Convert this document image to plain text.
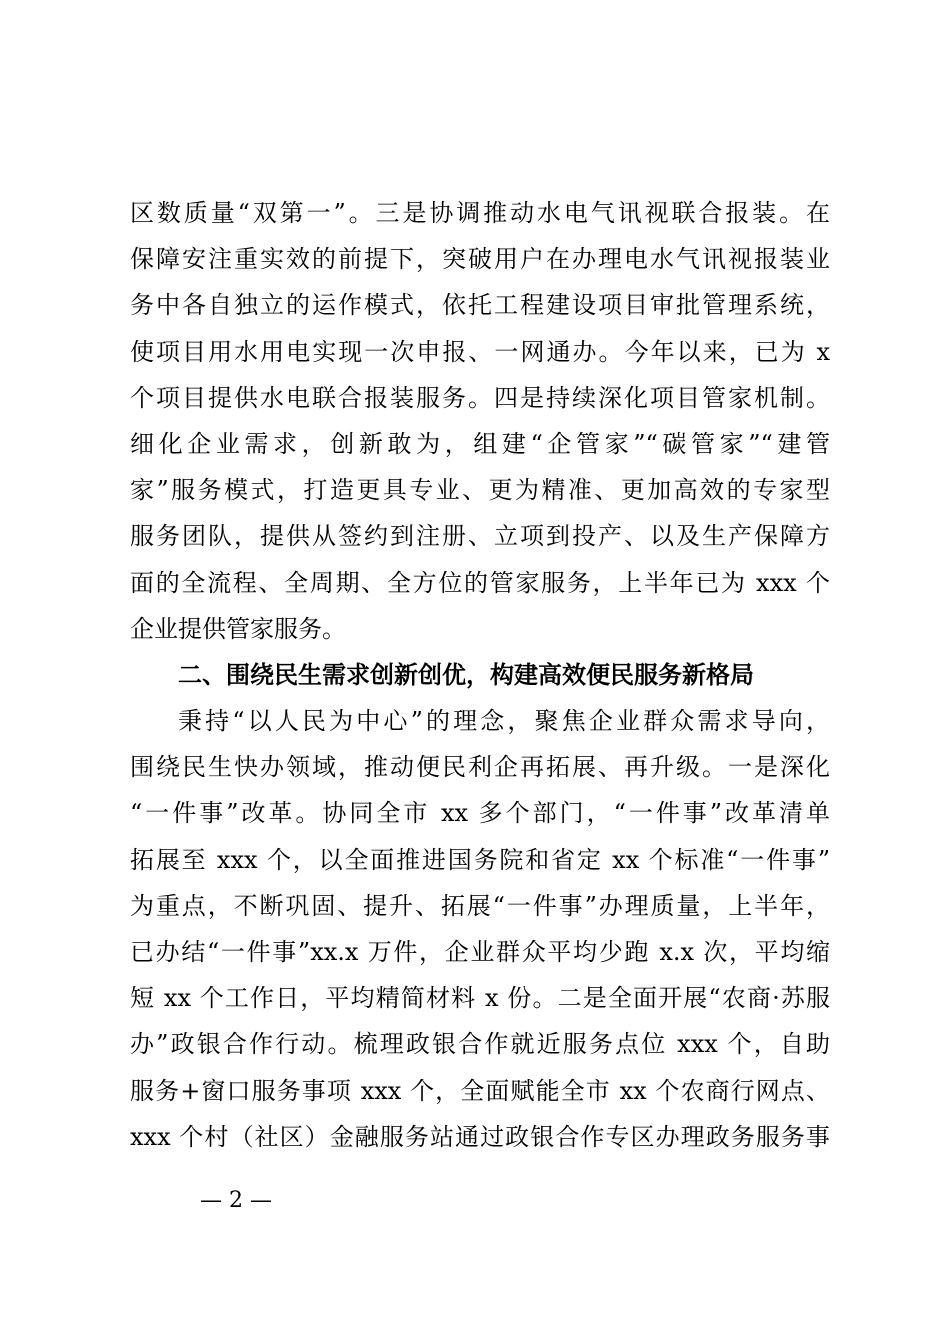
区数质量“双第一”。三是协调推动水电气讯视联合报装。在
保障安注重实效的前提下，突破用户在办理电水气讯视报装业
务中各自独立的运作模式，依托工程建设项目审批管理系统，
使项目用水用电实现一次申报、一网通办。今年以来，已为 x
个项目提供水电联合报装服务。四是持续深化项目管家机制。
细化企业需求，创新敢为，组建“企管家”“碳管家”“建管
家”服务模式，打造更具专业、更为精准、更加高效的专家型
服务团队，提供从签约到注册、立项到投产、以及生产保障方
面的全流程、全周期、全方位的管家服务，上半年已为 xxx 个
企业提供管家服务。
二、围绕民生需求创新创优，构建高效便民服务新格局
秉持“以人民为中心”的理念，聚焦企业群众需求导向，
围绕民生快办领域，推动便民利企再拓展、再升级。一是深化
“一件事”改革。协同全市 xx 多个部门，“一件事”改革清单
拓展至 xxx 个，以全面推进国务院和省定 xx 个标准“一件事”
为重点，不断巩固、提升、拓展“一件事”办理质量，上半年，
已办结“一件事”xx.x 万件，企业群众平均少跑 x.x 次，平均缩
短 xx 个工作日，平均精简材料 x 份。二是全面开展“农商·苏服
办”政银合作行动。梳理政银合作就近服务点位 xxx 个，自助
服务+窗口服务事项 xxx 个，全面赋能全市 xx 个农商行网点、
xxx 个村（社区）金融服务站通过政银合作专区办理政务服务事
— 2 —
